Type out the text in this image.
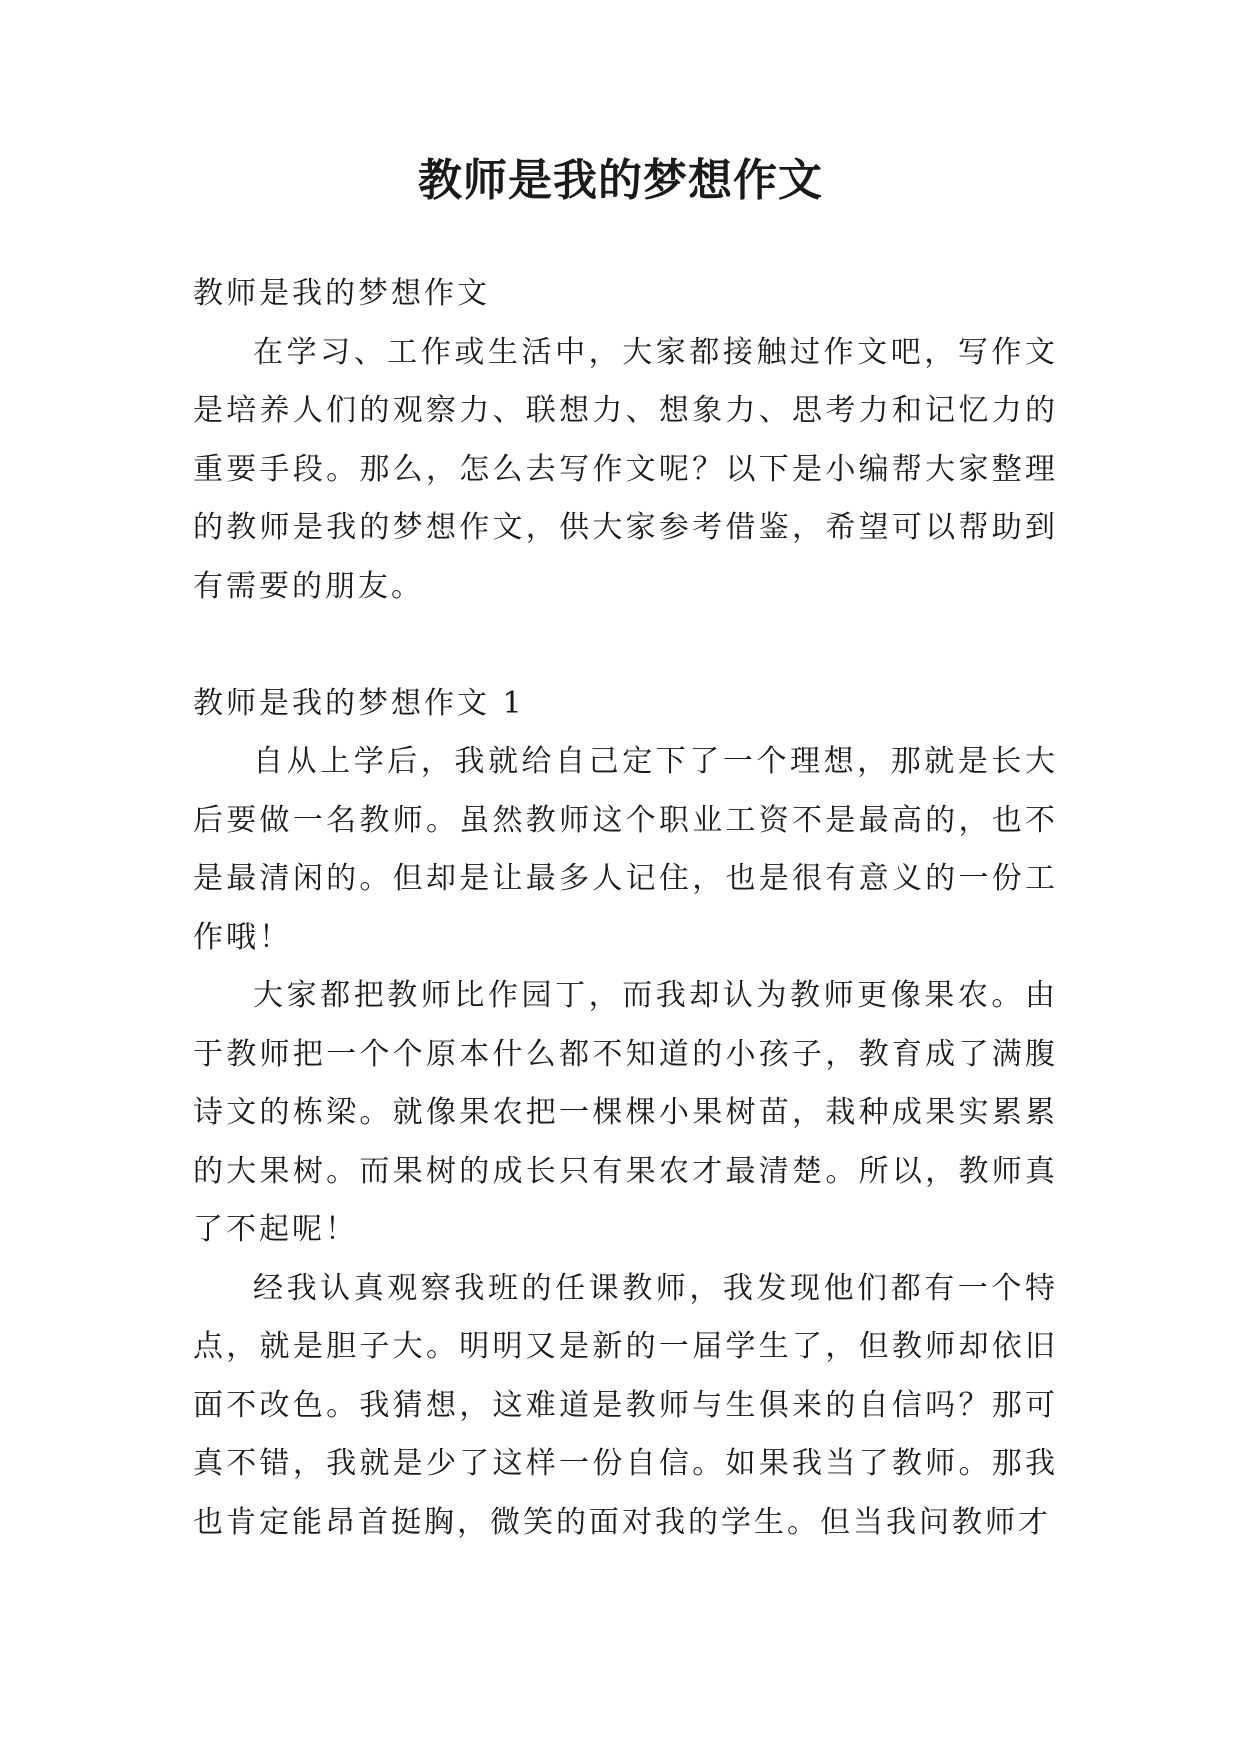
教师是我的梦想作文
教师是我的梦想作文

在学习、工作或生活中，大家都接触过作文吧，写作文是培养人们的观察力、联想力、想象力、思考力和记忆力的重要手段。那么，怎么去写作文呢？以下是小编帮大家整理的教师是我的梦想作文，供大家参考借鉴，希望可以帮助到有需要的朋友。

教师是我的梦想作文 1

自从上学后，我就给自己定下了一个理想，那就是长大后要做一名教师。虽然教师这个职业工资不是最高的，也不是最清闲的。但却是让最多人记住，也是很有意义的一份工作哦！

大家都把教师比作园丁，而我却认为教师更像果农。由于教师把一个个原本什么都不知道的小孩子，教育成了满腹诗文的栋梁。就像果农把一棵棵小果树苗，栽种成果实累累的大果树。而果树的成长只有果农才最清楚。所以，教师真了不起呢！

经我认真观察我班的任课教师，我发现他们都有一个特点，就是胆子大。明明又是新的一届学生了，但教师却依旧面不改色。我猜想，这难道是教师与生俱来的自信吗？那可真不错，我就是少了这样一份自信。如果我当了教师。那我也肯定能昂首挺胸，微笑的面对我的学生。但当我问教师才
